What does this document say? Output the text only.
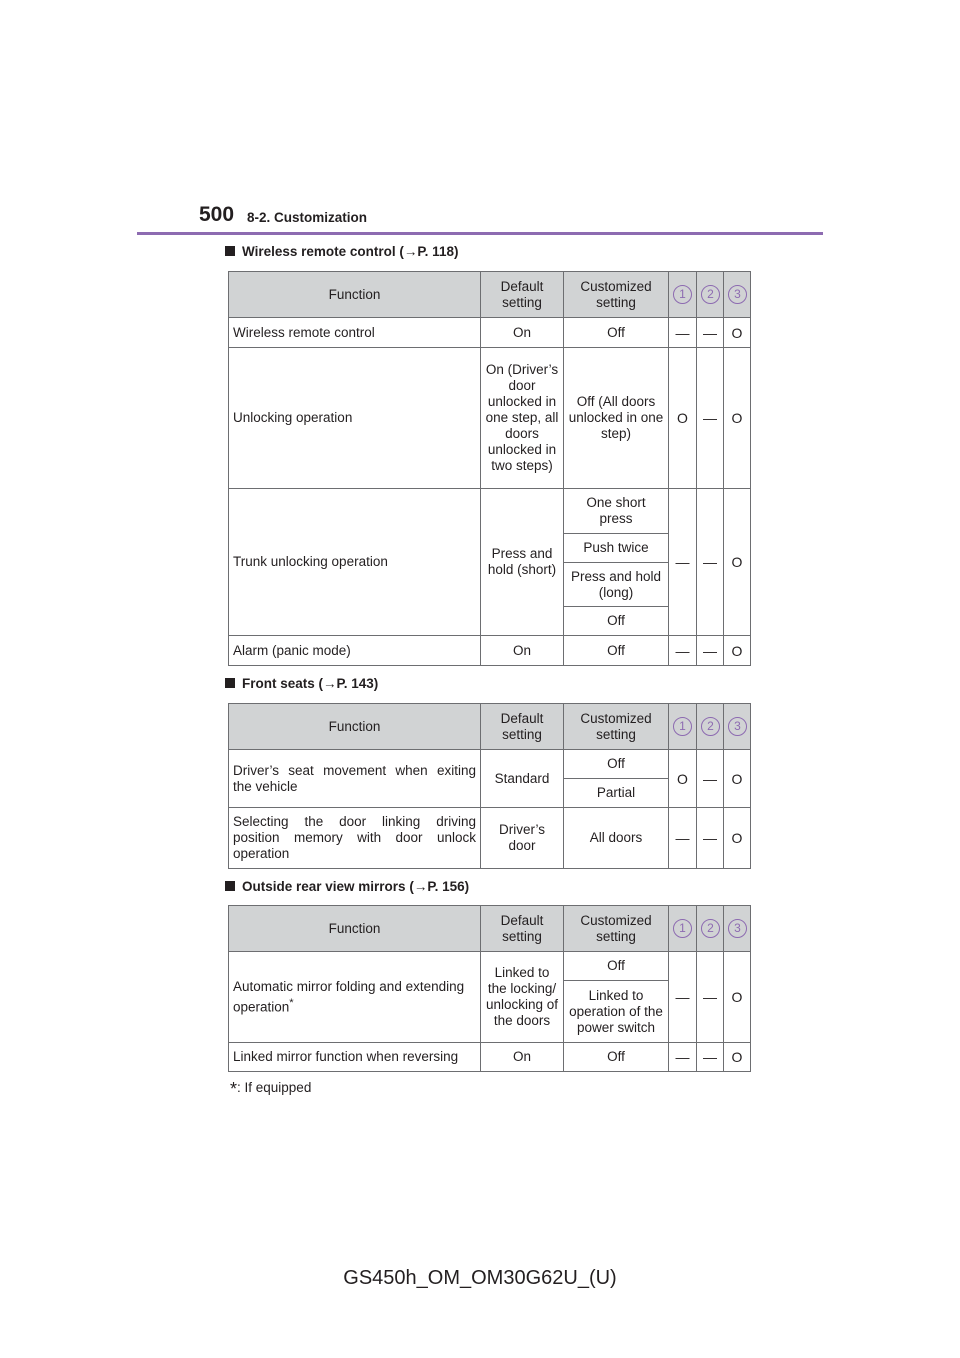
500 8-2. Customization
Wireless remote control (→P. 118)
Function	Default setting	Customized setting	1	2	3
Wireless remote control	On	Off	—	—	O
Unlocking operation	On (Driver’s door unlocked in one step, all doors unlocked in two steps)	Off (All doors unlocked in one step)	O	—	O
Trunk unlocking operation	Press and hold (short)	One short press	—	—	O
		Push twice			
		Press and hold (long)			
		Off			
Alarm (panic mode)	On	Off	—	—	O
Front seats (→P. 143)
Function	Default setting	Customized setting	1	2	3
Driver’s seat movement when exiting the vehicle	Standard	Off	O	—	O
		Partial			
Selecting the door linking driving position memory with door unlock operation	Driver’s door	All doors	—	—	O
Outside rear view mirrors (→P. 156)
Function	Default setting	Customized setting	1	2	3
Automatic mirror folding and extending operation*	Linked to the locking/ unlocking of the doors	Off	—	—	O
		Linked to operation of the power switch			
Linked mirror function when reversing	On	Off	—	—	O
*: If equipped
GS450h_OM_OM30G62U_(U)
